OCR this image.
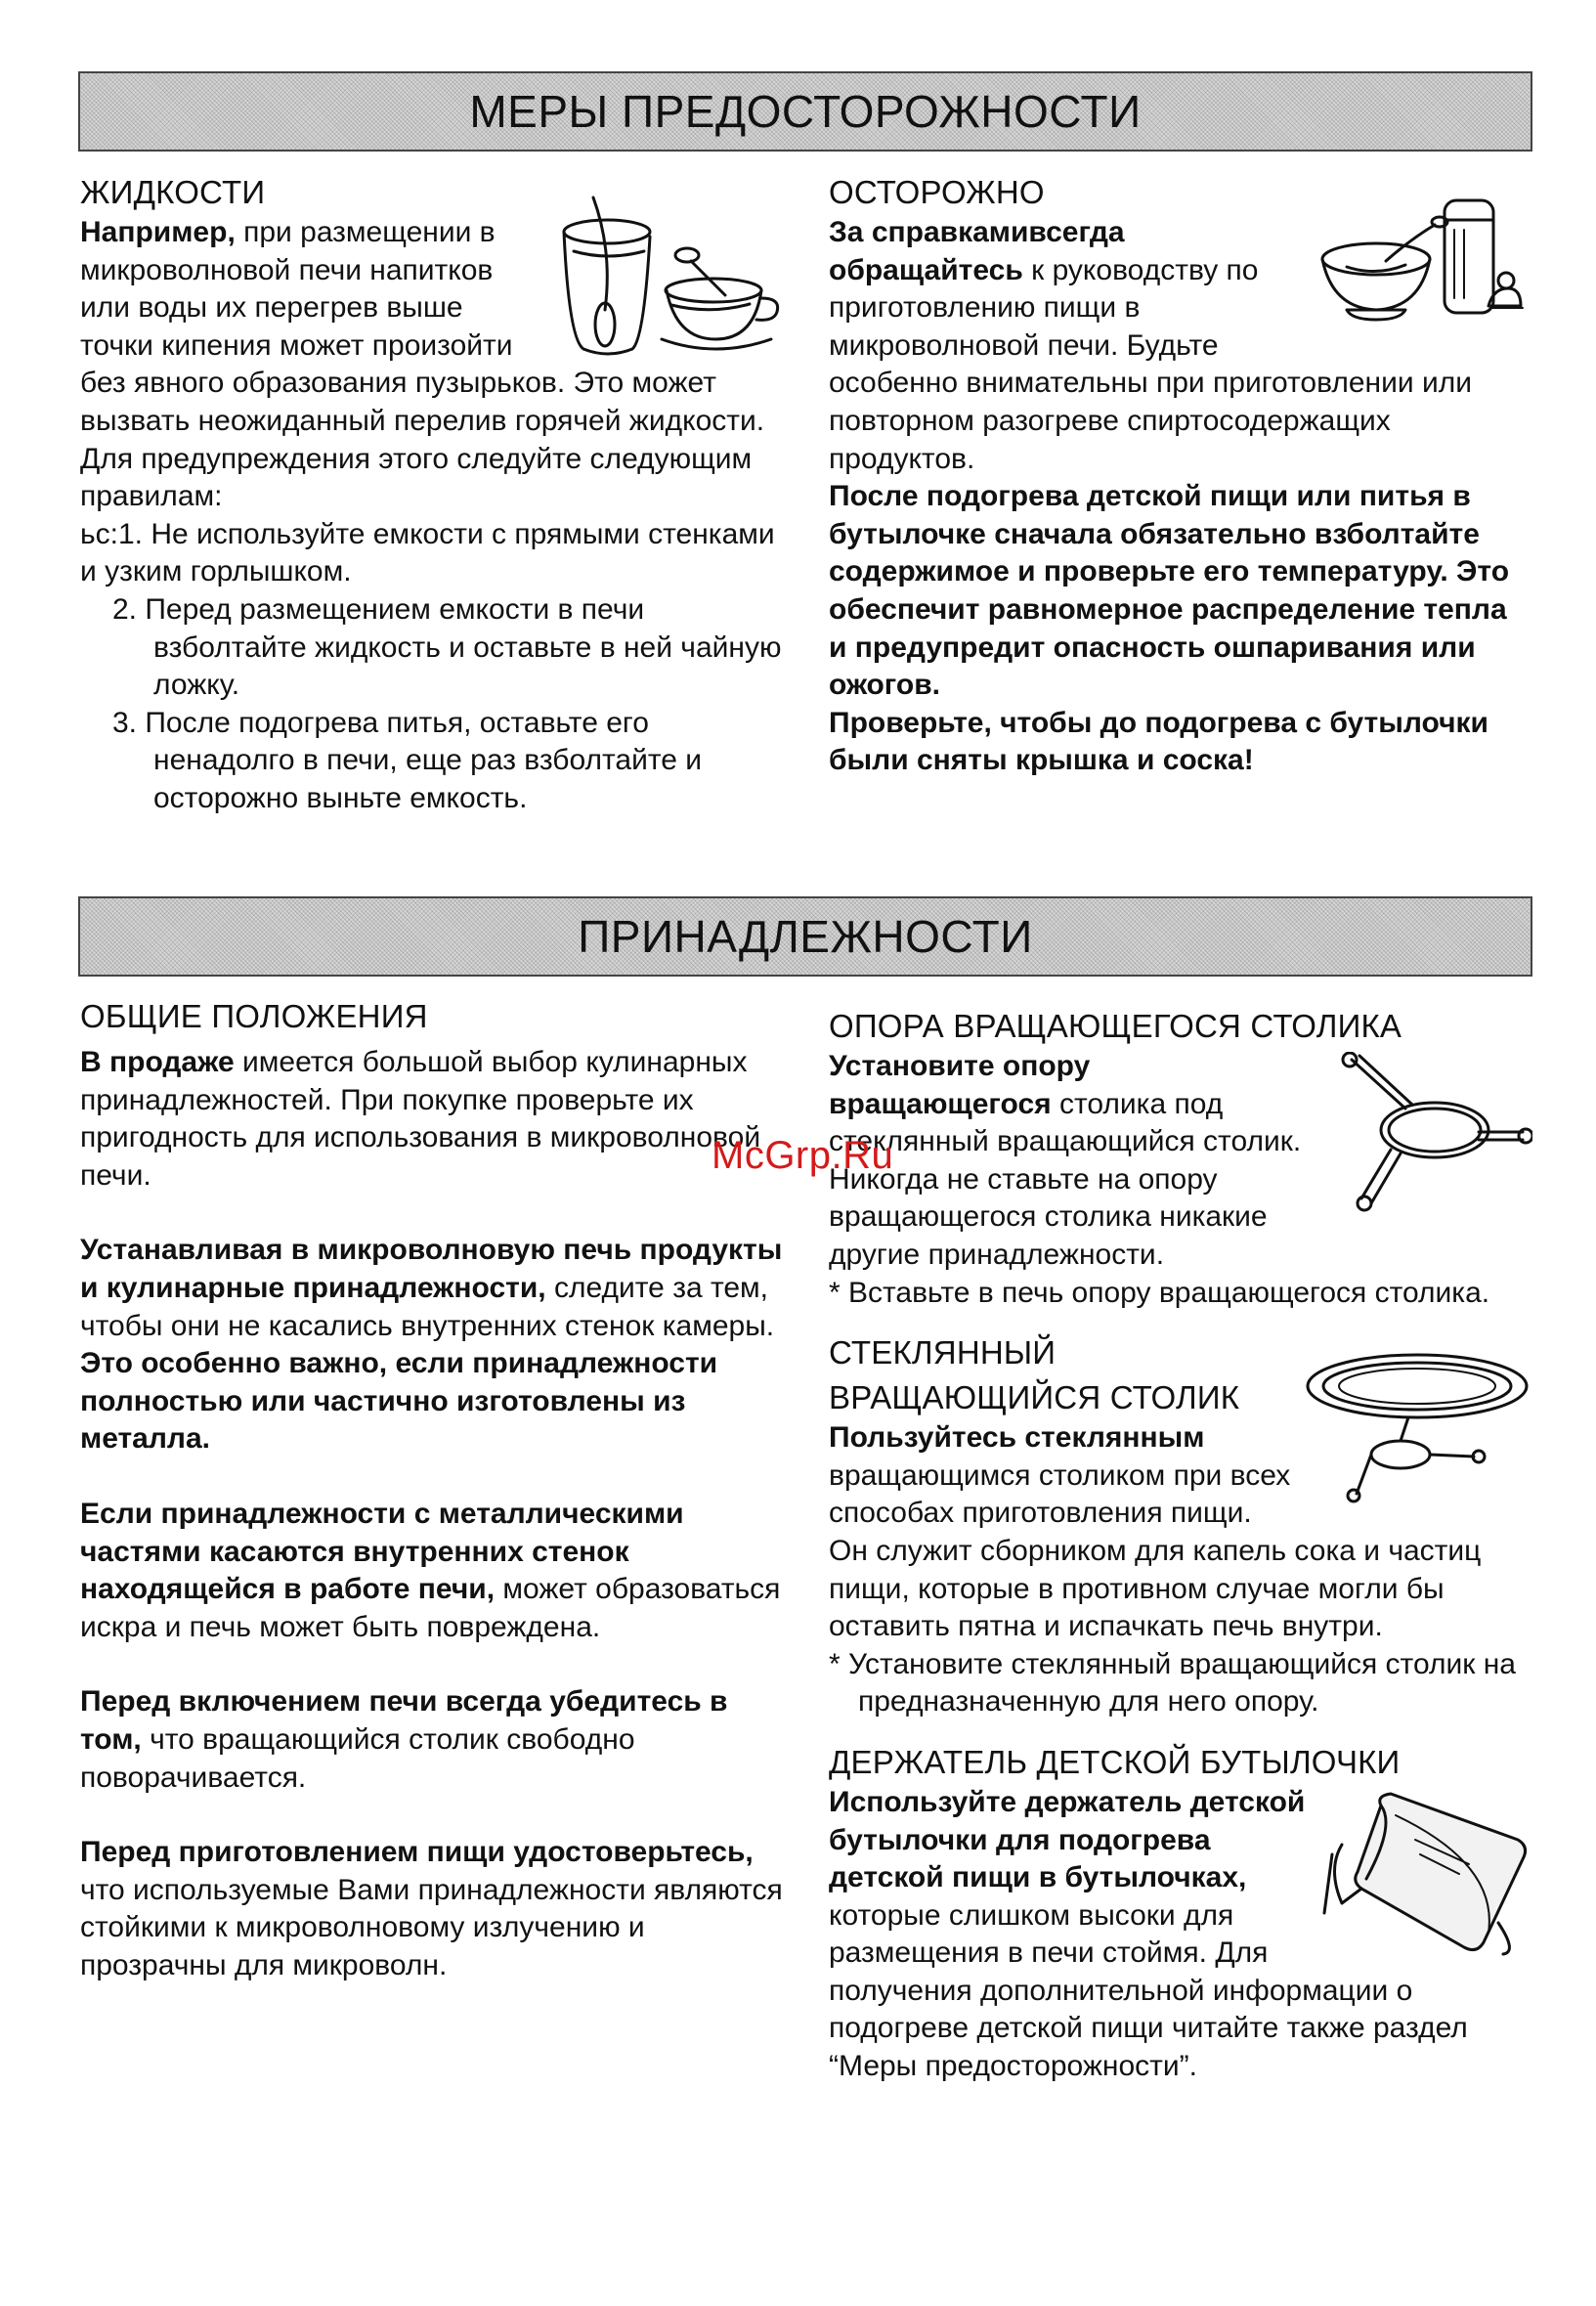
МЕРЫ ПРЕДОСТОРОЖНОСТИ

ЖИДКОСТИ

Например, при размещении в микроволновой печи напитков или воды их перегрев выше точки кипения может произойти без явного образования пузырьков. Это может вызвать неожиданный перелив горячей жидкости. Для предупреждения этого следуйте следующим правилам:

ьс:1. Не используйте емкости с прямыми стенками и узким горлышком.

2. Перед размещением емкости в печи взболтайте жидкость и оставьте в ней чайную ложку.

3. После подогрева питья, оставьте его ненадолго в печи, еще раз взболтайте и осторожно выньте емкость.

ОСТОРОЖНО

За справкамивсегда обращайтесь к руководству по приготовлению пищи в микроволновой печи. Будьте особенно внимательны при приготовлении или повторном разогреве спиртосодержащих продуктов.

После подогрева детской пищи или питья в бутылочке сначала обязательно взболтайте содержимое и проверьте его температуру. Это обеспечит равномерное распределение тепла и предупредит опасность ошпаривания или ожогов.

Проверьте, чтобы до подогрева с бутылочки были сняты крышка и соска!

ПРИНАДЛЕЖНОСТИ

ОБЩИЕ ПОЛОЖЕНИЯ

В продаже имеется большой выбор кулинарных принадлежностей. При покупке проверьте их пригодность для использования в микроволновой печи.

Устанавливая в микроволновую печь продукты и кулинарные принадлежности, следите за тем, чтобы они не касались внутренних стенок камеры. Это особенно важно, если принадлежности полностью или частично изготовлены из металла.

Если принадлежности с металлическими частями касаются внутренних стенок находящейся в работе печи, может образоваться искра и печь может быть повреждена.

Перед включением печи всегда убедитесь в том, что вращающийся столик свободно поворачивается.

Перед приготовлением пищи удостоверьтесь, что используемые Вами принадлежности являются стойкими к микроволновому излучению и прозрачны для микроволн.

ОПОРА ВРАЩАЮЩЕГОСЯ СТОЛИКА

Установите опору вращающегося столика под стеклянный вращающийся столик. Никогда не ставьте на опору вращающегося столика никакие другие принадлежности.

* Вставьте в печь опору вращающегося столика.

СТЕКЛЯННЫЙ

ВРАЩАЮЩИЙСЯ СТОЛИК

Пользуйтесь стеклянным вращающимся столиком при всех способах приготовления пищи. Он служит сборником для капель сока и частиц пищи, которые в противном случае могли бы оставить пятна и испачкать печь внутри.

* Установите стеклянный вращающийся столик на предназначенную для него опору.

ДЕРЖАТЕЛЬ ДЕТСКОЙ БУТЫЛОЧКИ

Используйте держатель детской бутылочки для подогрева детской пищи в бутылочках, которые слишком высоки для размещения в печи стоймя. Для получения дополнительной информации о подогреве детской пищи читайте также раздел “Меры предосторожности”.

McGrp.Ru
